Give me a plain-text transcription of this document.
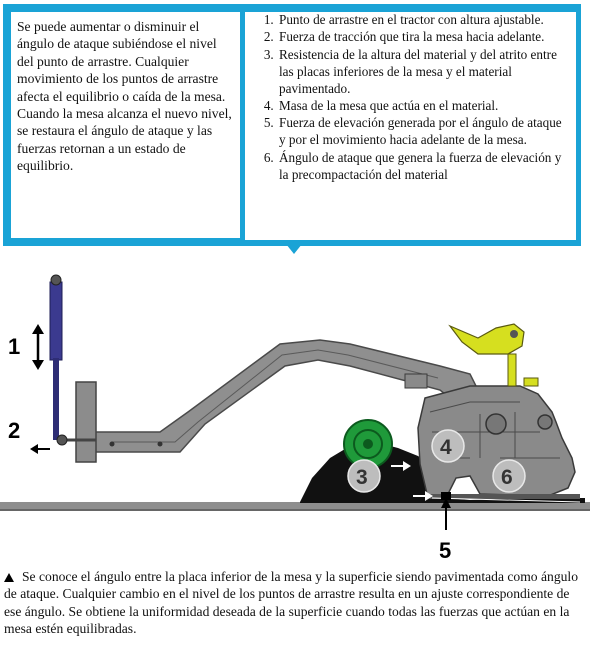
Se puede aumentar o disminuir el ángulo de ataque subiéndose el nivel del punto de arrastre. Cualquier movimiento de los puntos de arrastre afecta el equilibrio o caída de la mesa. Cuando la mesa alcanza el nuevo nivel, se restaura el ángulo de ataque y las fuerzas retornan a un estado de equilibrio.

1. Punto de arrastre en el tractor con altura ajustable.
2. Fuerza de tracción que tira la mesa hacia adelante.
3. Resistencia de la altura del material y del atrito entre las placas inferiores de la mesa y el material pavimentado.
4. Masa de la mesa que actúa en el material.
5. Fuerza de elevación generada por el ángulo de ataque y por el movimiento hacia adelante de la mesa.
6. Ángulo de ataque que genera la fuerza de elevación y la precompactación del material
1
2
3
4
5
6
Se conoce el ángulo entre la placa inferior de la mesa y la superficie siendo pavimentada como ángulo de ataque. Cualquier cambio en el nivel de los puntos de arrastre resulta en un ajuste correspondiente de ese ángulo. Se obtiene la uniformidad deseada de la superficie cuando todas las fuerzas que actúan en la mesa estén equilibradas.
